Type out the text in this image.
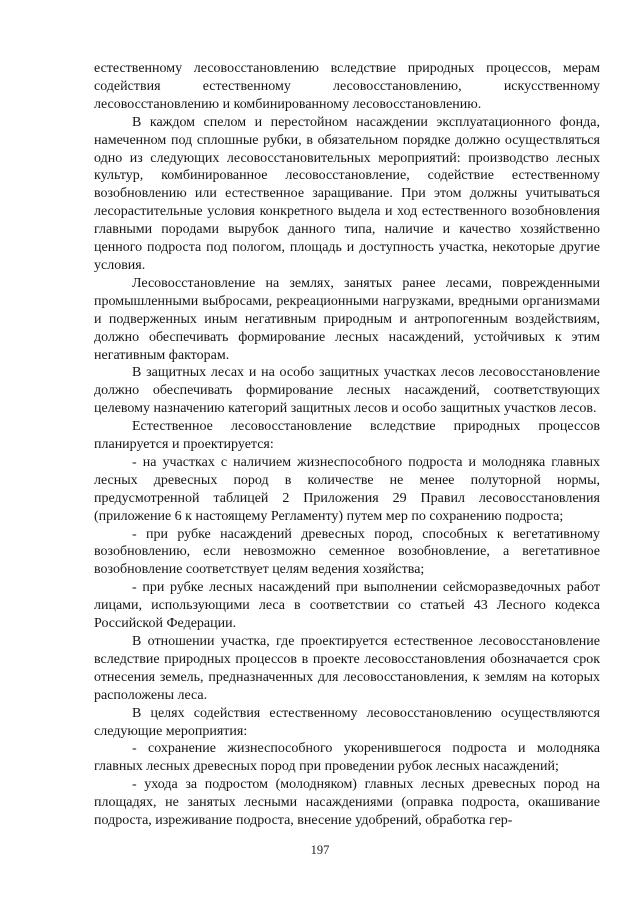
естественному лесовосстановлению вследствие природных процессов, мерам содействия естественному лесовосстановлению, искусственному лесовосстановлению и комбинированному лесовосстановлению.

В каждом спелом и перестойном насаждении эксплуатационного фонда, намеченном под сплошные рубки, в обязательном порядке должно осуществляться одно из следующих лесовосстановительных мероприятий: производство лесных культур, комбинированное лесовосстановление, содействие естественному возобновлению или естественное заращивание. При этом должны учитываться лесорастительные условия конкретного выдела и ход естественного возобновления главными породами вырубок данного типа, наличие и качество хозяйственно ценного подроста под пологом, площадь и доступность участка, некоторые другие условия.

Лесовосстановление на землях, занятых ранее лесами, поврежденными промышленными выбросами, рекреационными нагрузками, вредными организмами и подверженных иным негативным природным и антропогенным воздействиям, должно обеспечивать формирование лесных насаждений, устойчивых к этим негативным факторам.

В защитных лесах и на особо защитных участках лесов лесовосстановление должно обеспечивать формирование лесных насаждений, соответствующих целевому назначению категорий защитных лесов и особо защитных участков лесов.

Естественное лесовосстановление вследствие природных процессов планируется и проектируется:

- на участках с наличием жизнеспособного подроста и молодняка главных лесных древесных пород в количестве не менее полуторной нормы, предусмотренной таблицей 2 Приложения 29 Правил лесовосстановления (приложение 6 к настоящему Регламенту) путем мер по сохранению подроста;

- при рубке насаждений древесных пород, способных к вегетативному возобновлению, если невозможно семенное возобновление, а вегетативное возобновление соответствует целям ведения хозяйства;

- при рубке лесных насаждений при выполнении сейсморазведочных работ лицами, использующими леса в соответствии со статьей 43 Лесного кодекса Российской Федерации.

В отношении участка, где проектируется естественное лесовосстановление вследствие природных процессов в проекте лесовосстановления обозначается срок отнесения земель, предназначенных для лесовосстановления, к землям на которых расположены леса.

В целях содействия естественному лесовосстановлению осуществляются следующие мероприятия:

- сохранение жизнеспособного укоренившегося подроста и молодняка главных лесных древесных пород при проведении рубок лесных насаждений;

- ухода за подростом (молодняком) главных лесных древесных пород на площадях, не занятых лесными насаждениями (оправка подроста, окашивание подроста, изреживание подроста, внесение удобрений, обработка гер-

197
